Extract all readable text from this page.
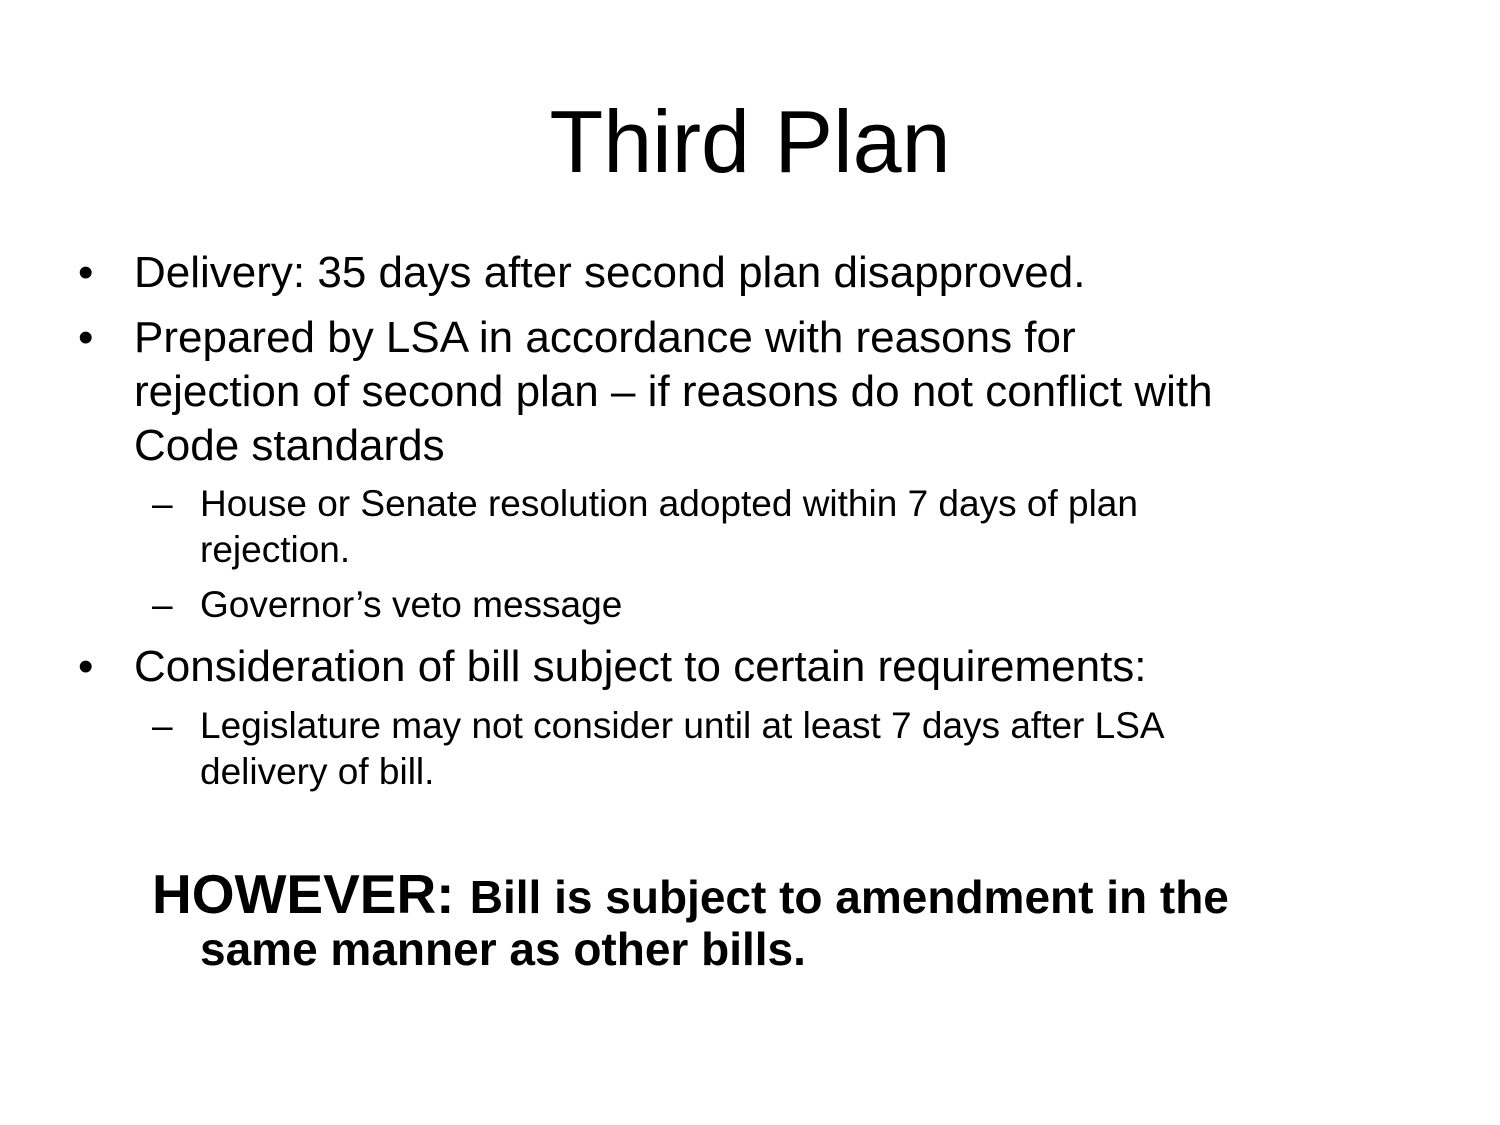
Third Plan
• Delivery: 35 days after second plan disapproved.
• Prepared by LSA in accordance with reasons for
rejection of second plan – if reasons do not conflict with
Code standards
– House or Senate resolution adopted within 7 days of plan
rejection.
– Governor’s veto message
• Consideration of bill subject to certain requirements:
– Legislature may not consider until at least 7 days after LSA
delivery of bill.
HOWEVER: Bill is subject to amendment in the
same manner as other bills.
